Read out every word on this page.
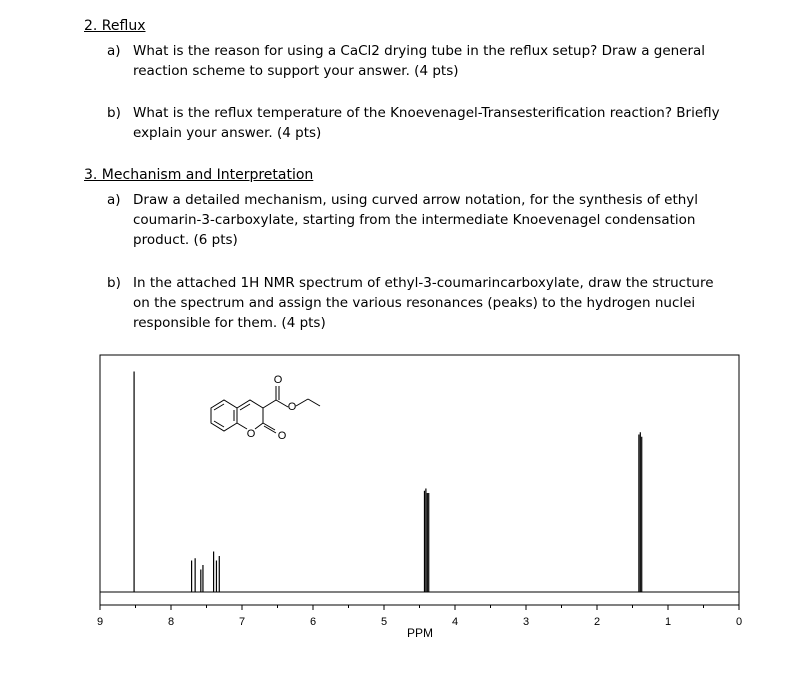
2. Reflux
a) What is the reason for using a CaCl2 drying tube in the reflux setup? Draw a general
reaction scheme to support your answer. (4 pts)
b) What is the reflux temperature of the Knoevenagel-Transesterification reaction? Briefly
explain your answer. (4 pts)
3. Mechanism and Interpretation
a) Draw a detailed mechanism, using curved arrow notation, for the synthesis of ethyl
coumarin-3-carboxylate, starting from the intermediate Knoevenagel condensation
product. (6 pts)
b) In the attached 1H NMR spectrum of ethyl-3-coumarincarboxylate, draw the structure
on the spectrum and assign the various resonances (peaks) to the hydrogen nuclei
responsible for them. (4 pts)
9	8	7	6	5	4	3	2	1	0
PPM
O O
O
O
